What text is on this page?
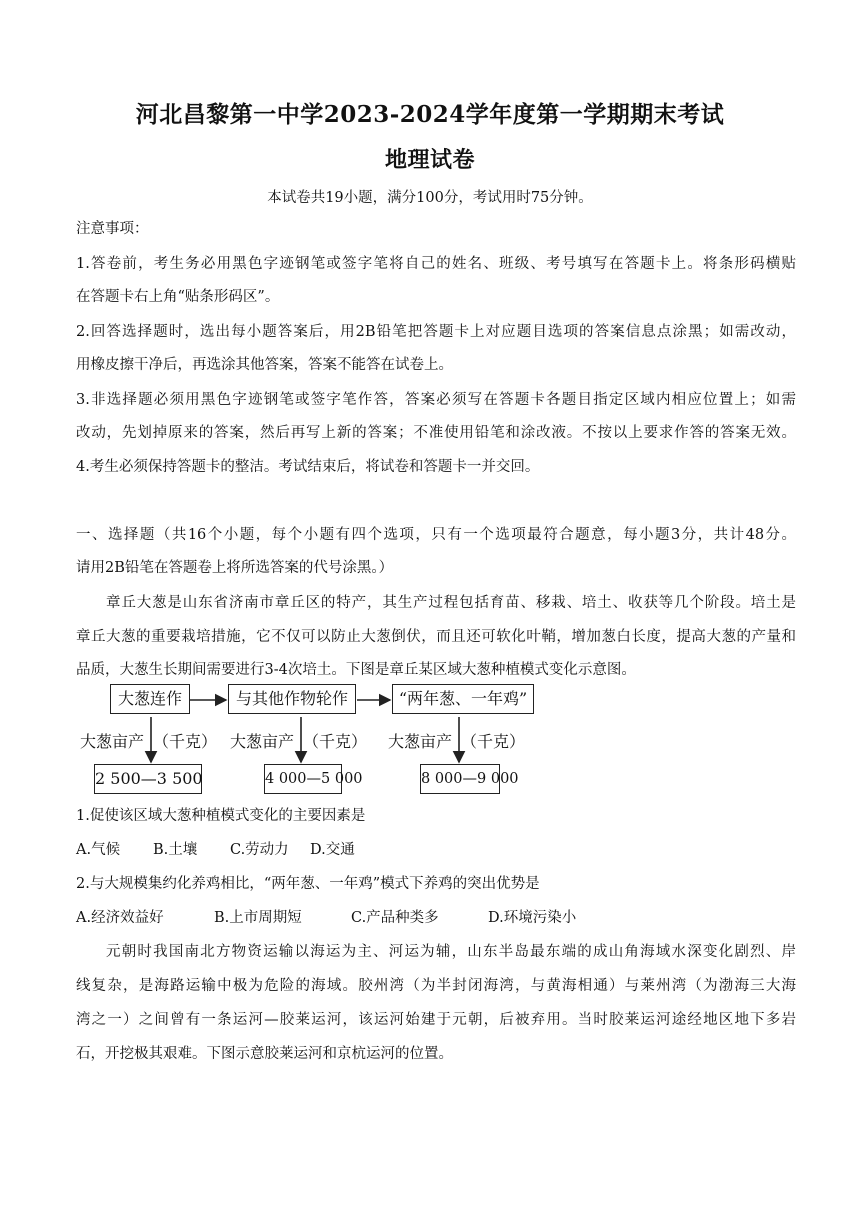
河北昌黎第一中学2023-2024学年度第一学期期末考试
地理试卷
本试卷共19小题，满分100分，考试用时75分钟。
注意事项：
1.答卷前，考生务必用黑色字迹钢笔或签字笔将自己的姓名、班级、考号填写在答题卡上。将条形码横贴
在答题卡右上角“贴条形码区”。
2.回答选择题时，选出每小题答案后，用2B铅笔把答题卡上对应题目选项的答案信息点涂黑；如需改动，
用橡皮擦干净后，再选涂其他答案，答案不能答在试卷上。
3.非选择题必须用黑色字迹钢笔或签字笔作答，答案必须写在答题卡各题目指定区域内相应位置上；如需
改动，先划掉原来的答案，然后再写上新的答案；不准使用铅笔和涂改液。不按以上要求作答的答案无效。
4.考生必须保持答题卡的整洁。考试结束后，将试卷和答题卡一并交回。
一、选择题（共16个小题，每个小题有四个选项，只有一个选项最符合题意，每小题3分，共计48分。
请用2B铅笔在答题卷上将所选答案的代号涂黑。）
章丘大葱是山东省济南市章丘区的特产，其生产过程包括育苗、移栽、培土、收获等几个阶段。培土是
章丘大葱的重要栽培措施，它不仅可以防止大葱倒伏，而且还可软化叶鞘，增加葱白长度，提高大葱的产量和
品质，大葱生长期间需要进行3-4次培土。下图是章丘某区域大葱种植模式变化示意图。
大葱连作	与其他作物轮作	“两年葱、一年鸡”
大葱亩产 （千克） 大葱亩产 （千克） 大葱亩产 （千克）
2 500—3 500	4 000—5 000	8 000—9 000
1.促使该区域大葱种植模式变化的主要因素是
A.气候 B.土壤 C.劳动力 D.交通
2.与大规模集约化养鸡相比，“两年葱、一年鸡”模式下养鸡的突出优势是
A.经济效益好	B.上市周期短	C.产品种类多	D.环境污染小
元朝时我国南北方物资运输以海运为主、河运为辅，山东半岛最东端的成山角海域水深变化剧烈、岸
线复杂，是海路运输中极为危险的海域。胶州湾（为半封闭海湾，与黄海相通）与莱州湾（为渤海三大海
湾之一）之间曾有一条运河—胶莱运河，该运河始建于元朝，后被弃用。当时胶莱运河途经地区地下多岩
石，开挖极其艰难。下图示意胶莱运河和京杭运河的位置。
